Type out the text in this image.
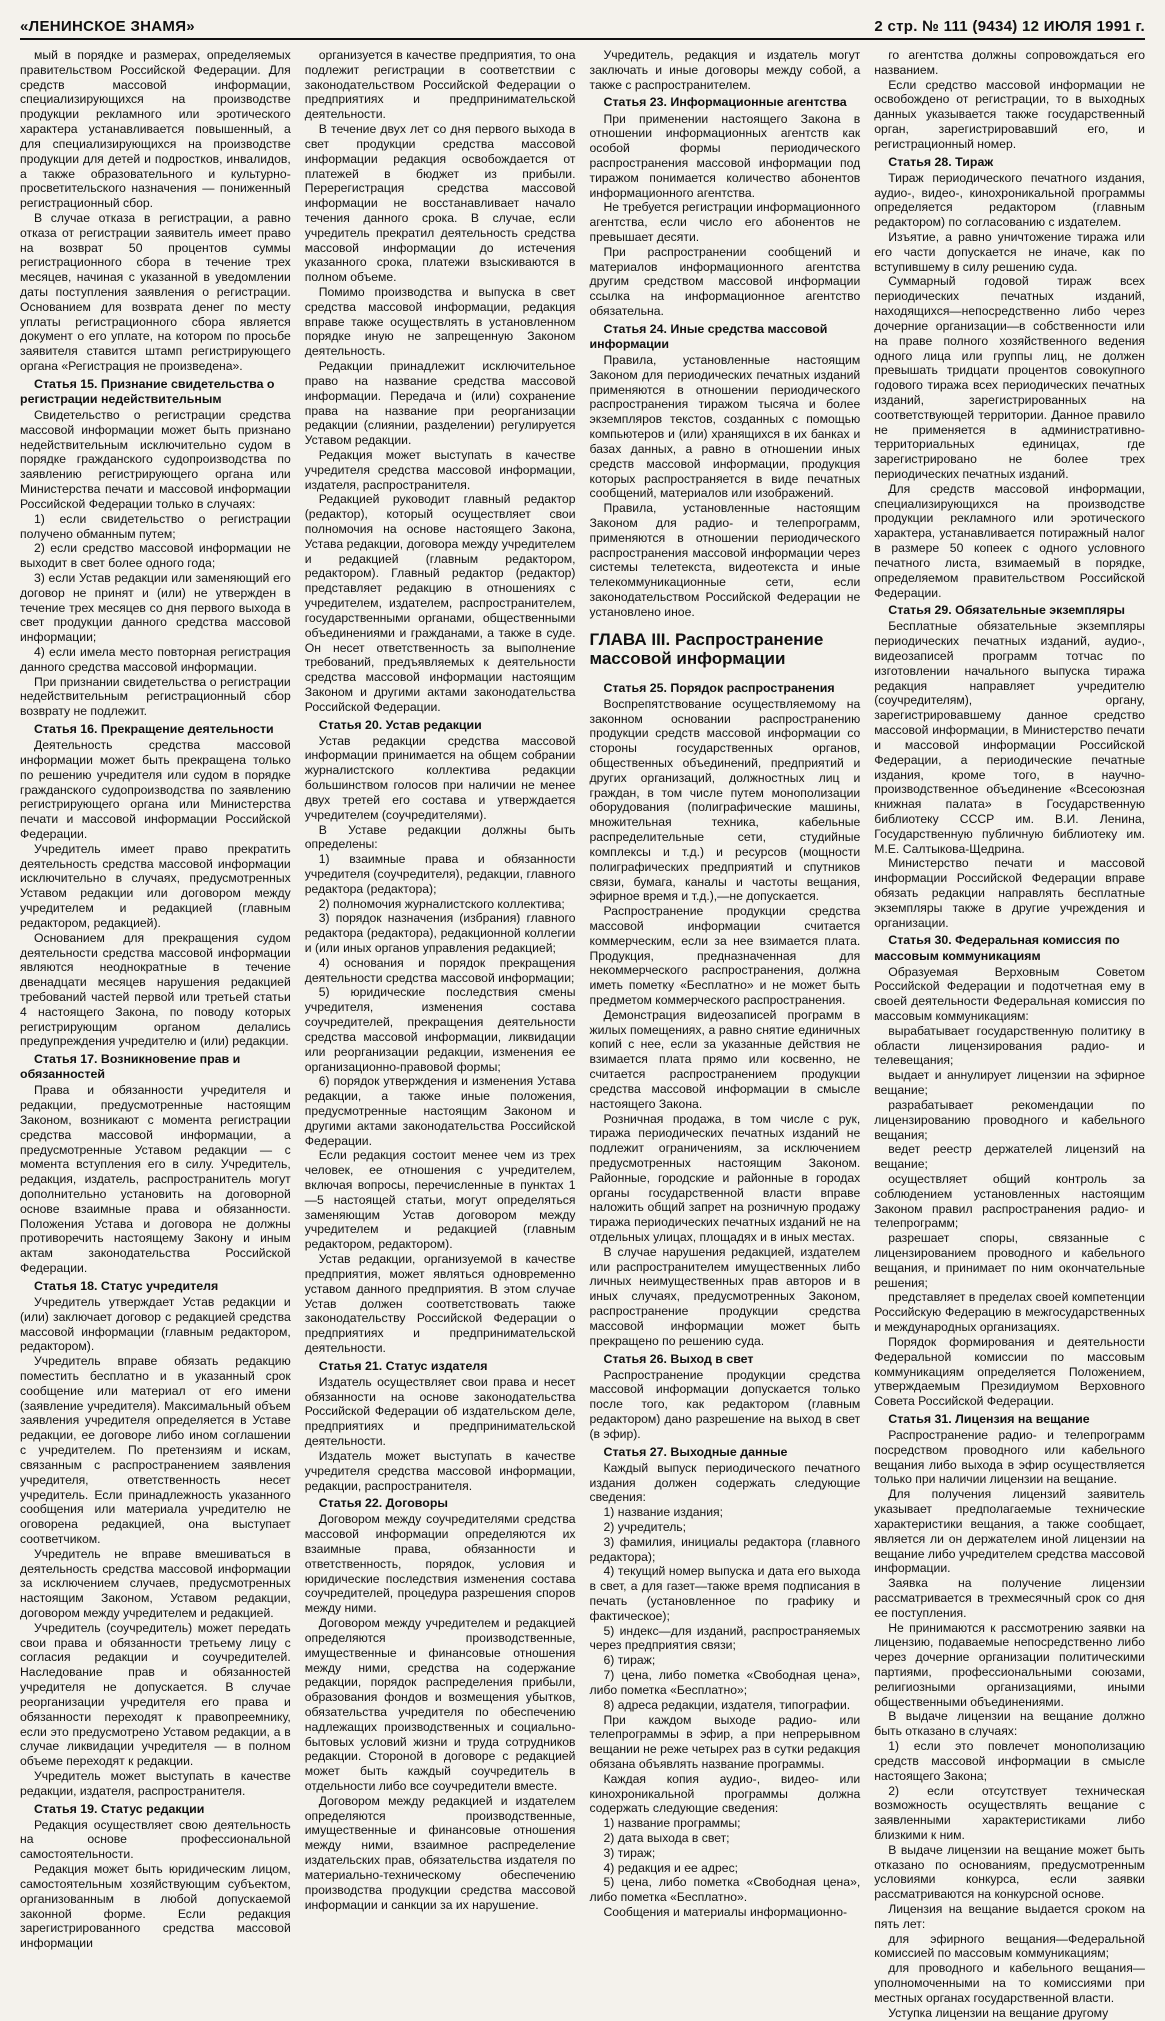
«ЛЕНИНСКОЕ ЗНАМЯ»	2 стр. № 111 (9434) 12 ИЮЛЯ 1991 г.

мый в порядке и размерах, определяемых правительством Российской Федерации. Для средств массовой информации, специализирующихся на производстве продукции рекламного или эротического характера устанавливается повышенный, а для специализирующихся на производстве продукции для детей и подростков, инвалидов, а также образовательного и культурно-просветительского назначения — пониженный регистрационный сбор.

В случае отказа в регистрации, а равно отказа от регистрации заявитель имеет право на возврат 50 процентов суммы регистрационного сбора в течение трех месяцев, начиная с указанной в уведомлении даты поступления заявления о регистрации. Основанием для возврата денег по месту уплаты регистрационного сбора является документ о его уплате, на котором по просьбе заявителя ставится штамп регистрирующего органа «Регистрация не произведена».

Статья 15. Признание свидетельства о регистрации недействительным

Свидетельство о регистрации средства массовой информации может быть признано недействительным исключительно судом в порядке гражданского судопроизводства по заявлению регистрирующего органа или Министерства печати и массовой информации Российской Федерации только в случаях:

1) если свидетельство о регистрации получено обманным путем;

2) если средство массовой информации не выходит в свет более одного года;

3) если Устав редакции или заменяющий его договор не принят и (или) не утвержден в течение трех месяцев со дня первого выхода в свет продукции данного средства массовой информации;

4) если имела место повторная регистрация данного средства массовой информации.

При признании свидетельства о регистрации недействительным регистрационный сбор возврату не подлежит.

Статья 16. Прекращение деятельности

Деятельность средства массовой информации может быть прекращена только по решению учредителя или судом в порядке гражданского судопроизводства по заявлению регистрирующего органа или Министерства печати и массовой информации Российской Федерации.

Учредитель имеет право прекратить деятельность средства массовой информации исключительно в случаях, предусмотренных Уставом редакции или договором между учредителем и редакцией (главным редактором, редакцией).

Основанием для прекращения судом деятельности средства массовой информации являются неоднократные в течение двенадцати месяцев нарушения редакцией требований частей первой или третьей статьи 4 настоящего Закона, по поводу которых регистрирующим органом делались предупреждения учредителю и (или) редакции.

Статья 17. Возникновение прав и обязанностей

Права и обязанности учредителя и редакции, предусмотренные настоящим Законом, возникают с момента регистрации средства массовой информации, а предусмотренные Уставом редакции — с момента вступления его в силу. Учредитель, редакция, издатель, распространитель могут дополнительно установить на договорной основе взаимные права и обязанности. Положения Устава и договора не должны противоречить настоящему Закону и иным актам законодательства Российской Федерации.

Статья 18. Статус учредителя

Учредитель утверждает Устав редакции и (или) заключает договор с редакцией средства массовой информации (главным редактором, редактором).

Учредитель вправе обязать редакцию поместить бесплатно и в указанный срок сообщение или материал от его имени (заявление учредителя). Максимальный объем заявления учредителя определяется в Уставе редакции, ее договоре либо ином соглашении с учредителем. По претензиям и искам, связанным с распространением заявления учредителя, ответственность несет учредитель. Если принадлежность указанного сообщения или материала учредителю не оговорена редакцией, она выступает соответчиком.

Учредитель не вправе вмешиваться в деятельность средства массовой информации за исключением случаев, предусмотренных настоящим Законом, Уставом редакции, договором между учредителем и редакцией.

Учредитель (соучредитель) может передать свои права и обязанности третьему лицу с согласия редакции и соучредителей. Наследование прав и обязанностей учредителя не допускается. В случае реорганизации учредителя его права и обязанности переходят к правопреемнику, если это предусмотрено Уставом редакции, а в случае ликвидации учредителя — в полном объеме переходят к редакции.

Учредитель может выступать в качестве редакции, издателя, распространителя.

Статья 19. Статус редакции

Редакция осуществляет свою деятельность на основе профессиональной самостоятельности.

Редакция может быть юридическим лицом, самостоятельным хозяйствующим субъектом, организованным в любой допускаемой законной форме. Если редакция зарегистрированного средства массовой информации

организуется в качестве предприятия, то она подлежит регистрации в соответствии с законодательством Российской Федерации о предприятиях и предпринимательской деятельности.

В течение двух лет со дня первого выхода в свет продукции средства массовой информации редакция освобождается от платежей в бюджет из прибыли. Перерегистрация средства массовой информации не восстанавливает начало течения данного срока. В случае, если учредитель прекратил деятельность средства массовой информации до истечения указанного срока, платежи взыскиваются в полном объеме.

Помимо производства и выпуска в свет средства массовой информации, редакция вправе также осуществлять в установленном порядке иную не запрещенную Законом деятельность.

Редакции принадлежит исключительное право на название средства массовой информации. Передача и (или) сохранение права на название при реорганизации редакции (слиянии, разделении) регулируется Уставом редакции.

Редакция может выступать в качестве учредителя средства массовой информации, издателя, распространителя.

Редакцией руководит главный редактор (редактор), который осуществляет свои полномочия на основе настоящего Закона, Устава редакции, договора между учредителем и редакцией (главным редактором, редактором). Главный редактор (редактор) представляет редакцию в отношениях с учредителем, издателем, распространителем, государственными органами, общественными объединениями и гражданами, а также в суде. Он несет ответственность за выполнение требований, предъявляемых к деятельности средства массовой информации настоящим Законом и другими актами законодательства Российской Федерации.

Статья 20. Устав редакции

Устав редакции средства массовой информации принимается на общем собрании журналистского коллектива редакции большинством голосов при наличии не менее двух третей его состава и утверждается учредителем (соучредителями).

В Уставе редакции должны быть определены:

1) взаимные права и обязанности учредителя (соучредителя), редакции, главного редактора (редактора);

2) полномочия журналистского коллектива;

3) порядок назначения (избрания) главного редактора (редактора), редакционной коллегии и (или иных органов управления редакцией;

4) основания и порядок прекращения деятельности средства массовой информации;

5) юридические последствия смены учредителя, изменения состава соучредителей, прекращения деятельности средства массовой информации, ликвидации или реорганизации редакции, изменения ее организационно-правовой формы;

6) порядок утверждения и изменения Устава редакции, а также иные положения, предусмотренные настоящим Законом и другими актами законодательства Российской Федерации.

Если редакция состоит менее чем из трех человек, ее отношения с учредителем, включая вопросы, перечисленные в пунктах 1—5 настоящей статьи, могут определяться заменяющим Устав договором между учредителем и редакцией (главным редактором, редактором).

Устав редакции, организуемой в качестве предприятия, может являться одновременно уставом данного предприятия. В этом случае Устав должен соответствовать также законодательству Российской Федерации о предприятиях и предпринимательской деятельности.

Статья 21. Статус издателя

Издатель осуществляет свои права и несет обязанности на основе законодательства Российской Федерации об издательском деле, предприятиях и предпринимательской деятельности.

Издатель может выступать в качестве учредителя средства массовой информации, редакции, распространителя.

Статья 22. Договоры

Договором между соучредителями средства массовой информации определяются их взаимные права, обязанности и ответственность, порядок, условия и юридические последствия изменения состава соучредителей, процедура разрешения споров между ними.

Договором между учредителем и редакцией определяются производственные, имущественные и финансовые отношения между ними, средства на содержание редакции, порядок распределения прибыли, образования фондов и возмещения убытков, обязательства учредителя по обеспечению надлежащих производственных и социально-бытовых условий жизни и труда сотрудников редакции. Стороной в договоре с редакцией может быть каждый соучредитель в отдельности либо все соучредители вместе.

Договором между редакцией и издателем определяются производственные, имущественные и финансовые отношения между ними, взаимное распределение издательских прав, обязательства издателя по материально-техническому обеспечению производства продукции средства массовой информации и санкции за их нарушение.

Учредитель, редакция и издатель могут заключать и иные договоры между собой, а также с распространителем.

Статья 23. Информационные агентства

При применении настоящего Закона в отношении информационных агентств как особой формы периодического распространения массовой информации под тиражом понимается количество абонентов информационного агентства.

Не требуется регистрации информационного агентства, если число его абонентов не превышает десяти.

При распространении сообщений и материалов информационного агентства другим средством массовой информации ссылка на информационное агентство обязательна.

Статья 24. Иные средства массовой информации

Правила, установленные настоящим Законом для периодических печатных изданий применяются в отношении периодического распространения тиражом тысяча и более экземпляров текстов, созданных с помощью компьютеров и (или) хранящихся в их банках и базах данных, а равно в отношении иных средств массовой информации, продукция которых распространяется в виде печатных сообщений, материалов или изображений.

Правила, установленные настоящим Законом для радио- и телепрограмм, применяются в отношении периодического распространения массовой информации через системы телетекста, видеотекста и иные телекоммуникационные сети, если законодательством Российской Федерации не установлено иное.

ГЛАВА III. Распространение массовой информации
Статья 25. Порядок распространения

Воспрепятствование осуществляемому на законном основании распространению продукции средств массовой информации со стороны государственных органов, общественных объединений, предприятий и других организаций, должностных лиц и граждан, в том числе путем монополизации оборудования (полиграфические машины, множительная техника, кабельные распределительные сети, студийные комплексы и т.д.) и ресурсов (мощности полиграфических предприятий и спутников связи, бумага, каналы и частоты вещания, эфирное время и т.д.),—не допускается.

Распространение продукции средства массовой информации считается коммерческим, если за нее взимается плата. Продукция, предназначенная для некоммерческого распространения, должна иметь пометку «Бесплатно» и не может быть предметом коммерческого распространения.

Демонстрация видеозаписей программ в жилых помещениях, а равно снятие единичных копий с нее, если за указанные действия не взимается плата прямо или косвенно, не считается распространением продукции средства массовой информации в смысле настоящего Закона.

Розничная продажа, в том числе с рук, тиража периодических печатных изданий не подлежит ограничениям, за исключением предусмотренных настоящим Законом. Районные, городские и районные в городах органы государственной власти вправе наложить общий запрет на розничную продажу тиража периодических печатных изданий не на отдельных улицах, площадях и в иных местах.

В случае нарушения редакцией, издателем или распространителем имущественных либо личных неимущественных прав авторов и в иных случаях, предусмотренных Законом, распространение продукции средства массовой информации может быть прекращено по решению суда.

Статья 26. Выход в свет

Распространение продукции средства массовой информации допускается только после того, как редактором (главным редактором) дано разрешение на выход в свет (в эфир).

Статья 27. Выходные данные

Каждый выпуск периодического печатного издания должен содержать следующие сведения:

1) название издания;

2) учредитель;

3) фамилия, инициалы редактора (главного редактора);

4) текущий номер выпуска и дата его выхода в свет, а для газет—также время подписания в печать (установленное по графику и фактическое);

5) индекс—для изданий, распространяемых через предприятия связи;

6) тираж;

7) цена, либо пометка «Свободная цена», либо пометка «Бесплатно»;

8) адреса редакции, издателя, типографии.

При каждом выходе радио- или телепрограммы в эфир, а при непрерывном вещании не реже четырех раз в сутки редакция обязана объявлять название программы.

Каждая копия аудио-, видео- или кинохроникальной программы должна содержать следующие сведения:

1) название программы;

2) дата выхода в свет;

3) тираж;

4) редакция и ее адрес;

5) цена, либо пометка «Свободная цена», либо пометка «Бесплатно».

Сообщения и материалы информационно-

го агентства должны сопровождаться его названием.

Если средство массовой информации не освобождено от регистрации, то в выходных данных указывается также государственный орган, зарегистрировавший его, и регистрационный номер.

Статья 28. Тираж

Тираж периодического печатного издания, аудио-, видео-, кинохроникальной программы определяется редактором (главным редактором) по согласованию с издателем.

Изъятие, а равно уничтожение тиража или его части допускается не иначе, как по вступившему в силу решению суда.

Суммарный годовой тираж всех периодических печатных изданий, находящихся—непосредственно либо через дочерние организации—в собственности или на праве полного хозяйственного ведения одного лица или группы лиц, не должен превышать тридцати процентов совокупного годового тиража всех периодических печатных изданий, зарегистрированных на соответствующей территории. Данное правило не применяется в административно-территориальных единицах, где зарегистрировано не более трех периодических печатных изданий.

Для средств массовой информации, специализирующихся на производстве продукции рекламного или эротического характера, устанавливается потиражный налог в размере 50 копеек с одного условного печатного листа, взимаемый в порядке, определяемом правительством Российской Федерации.

Статья 29. Обязательные экземпляры

Бесплатные обязательные экземпляры периодических печатных изданий, аудио-, видеозаписей программ тотчас по изготовлении начального выпуска тиража редакция направляет учредителю (соучредителям), органу, зарегистрировавшему данное средство массовой информации, в Министерство печати и массовой информации Российской Федерации, а периодические печатные издания, кроме того, в научно-производственное объединение «Всесоюзная книжная палата» в Государственную библиотеку СССР им. В.И. Ленина, Государственную публичную библиотеку им. М.Е. Салтыкова-Щедрина.

Министерство печати и массовой информации Российской Федерации вправе обязать редакции направлять бесплатные экземпляры также в другие учреждения и организации.

Статья 30. Федеральная комиссия по массовым коммуникациям

Образуемая Верховным Советом Российской Федерации и подотчетная ему в своей деятельности Федеральная комиссия по массовым коммуникациям:

вырабатывает государственную политику в области лицензирования радио- и телевещания;

выдает и аннулирует лицензии на эфирное вещание;

разрабатывает рекомендации по лицензированию проводного и кабельного вещания;

ведет реестр держателей лицензий на вещание;

осуществляет общий контроль за соблюдением установленных настоящим Законом правил распространения радио- и телепрограмм;

разрешает споры, связанные с лицензированием проводного и кабельного вещания, и принимает по ним окончательные решения;

представляет в пределах своей компетенции Российскую Федерацию в межгосударственных и международных организациях.

Порядок формирования и деятельности Федеральной комиссии по массовым коммуникациям определяется Положением, утверждаемым Президиумом Верховного Совета Российской Федерации.

Статья 31. Лицензия на вещание

Распространение радио- и телепрограмм посредством проводного или кабельного вещания либо выхода в эфир осуществляется только при наличии лицензии на вещание.

Для получения лицензий заявитель указывает предполагаемые технические характеристики вещания, а также сообщает, является ли он держателем иной лицензии на вещание либо учредителем средства массовой информации.

Заявка на получение лицензии рассматривается в трехмесячный срок со дня ее поступления.

Не принимаются к рассмотрению заявки на лицензию, подаваемые непосредственно либо через дочерние организации политическими партиями, профессиональными союзами, религиозными организациями, иными общественными объединениями.

В выдаче лицензии на вещание должно быть отказано в случаях:

1) если это повлечет монополизацию средств массовой информации в смысле настоящего Закона;

2) если отсутствует техническая возможность осуществлять вещание с заявленными характеристиками либо близкими к ним.

В выдаче лицензии на вещание может быть отказано по основаниям, предусмотренным условиями конкурса, если заявки рассматриваются на конкурсной основе.

Лицензия на вещание выдается сроком на пять лет:

для эфирного вещания—Федеральной комиссией по массовым коммуникациям;

для проводного и кабельного вещания—уполномоченными на то комиссиями при местных органах государственной власти.

Уступка лицензии на вещание другому
